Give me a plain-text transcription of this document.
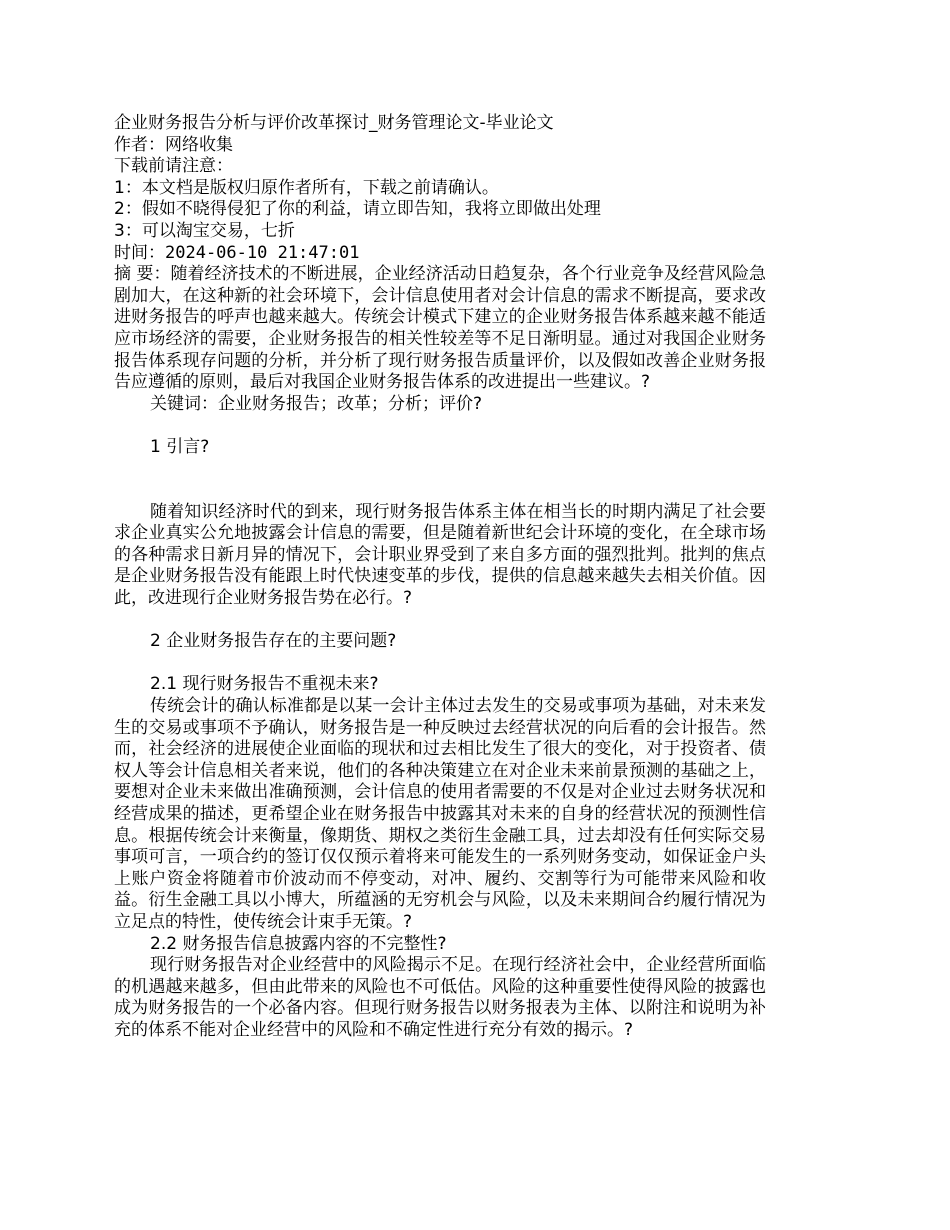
企业财务报告分析与评价改革探讨_财务管理论文-毕业论文
作者：网络收集
下载前请注意：
1：本文档是版权归原作者所有，下载之前请确认。
2：假如不晓得侵犯了你的利益，请立即告知，我将立即做出处理
3：可以淘宝交易，七折
时间：2024-06-10 21:47:01
摘 要：随着经济技术的不断进展，企业经济活动日趋复杂，各个行业竞争及经营风险急剧加大，在这种新的社会环境下，会计信息使用者对会计信息的需求不断提高，要求改进财务报告的呼声也越来越大。传统会计模式下建立的企业财务报告体系越来越不能适应市场经济的需要，企业财务报告的相关性较差等不足日渐明显。通过对我国企业财务报告体系现存问题的分析，并分析了现行财务报告质量评价，以及假如改善企业财务报告应遵循的原则，最后对我国企业财务报告体系的改进提出一些建议。?
关键词：企业财务报告；改革；分析；评价?
1 引言?
随着知识经济时代的到来，现行财务报告体系主体在相当长的时期内满足了社会要求企业真实公允地披露会计信息的需要，但是随着新世纪会计环境的变化，在全球市场的各种需求日新月异的情况下，会计职业界受到了来自多方面的强烈批判。批判的焦点是企业财务报告没有能跟上时代快速变革的步伐，提供的信息越来越失去相关价值。因此，改进现行企业财务报告势在必行。?
2 企业财务报告存在的主要问题?
2.1 现行财务报告不重视未来?
传统会计的确认标准都是以某一会计主体过去发生的交易或事项为基础，对未来发生的交易或事项不予确认，财务报告是一种反映过去经营状况的向后看的会计报告。然而，社会经济的进展使企业面临的现状和过去相比发生了很大的变化，对于投资者、债权人等会计信息相关者来说，他们的各种决策建立在对企业未来前景预测的基础之上，要想对企业未来做出准确预测，会计信息的使用者需要的不仅是对企业过去财务状况和经营成果的描述，更希望企业在财务报告中披露其对未来的自身的经营状况的预测性信息。根据传统会计来衡量，像期货、期权之类衍生金融工具，过去却没有任何实际交易事项可言，一项合约的签订仅仅预示着将来可能发生的一系列财务变动，如保证金户头上账户资金将随着市价波动而不停变动，对冲、履约、交割等行为可能带来风险和收益。衍生金融工具以小博大，所蕴涵的无穷机会与风险，以及未来期间合约履行情况为立足点的特性，使传统会计束手无策。?
2.2 财务报告信息披露内容的不完整性?
现行财务报告对企业经营中的风险揭示不足。在现行经济社会中，企业经营所面临的机遇越来越多，但由此带来的风险也不可低估。风险的这种重要性使得风险的披露也成为财务报告的一个必备内容。但现行财务报告以财务报表为主体、以附注和说明为补充的体系不能对企业经营中的风险和不确定性进行充分有效的揭示。?
